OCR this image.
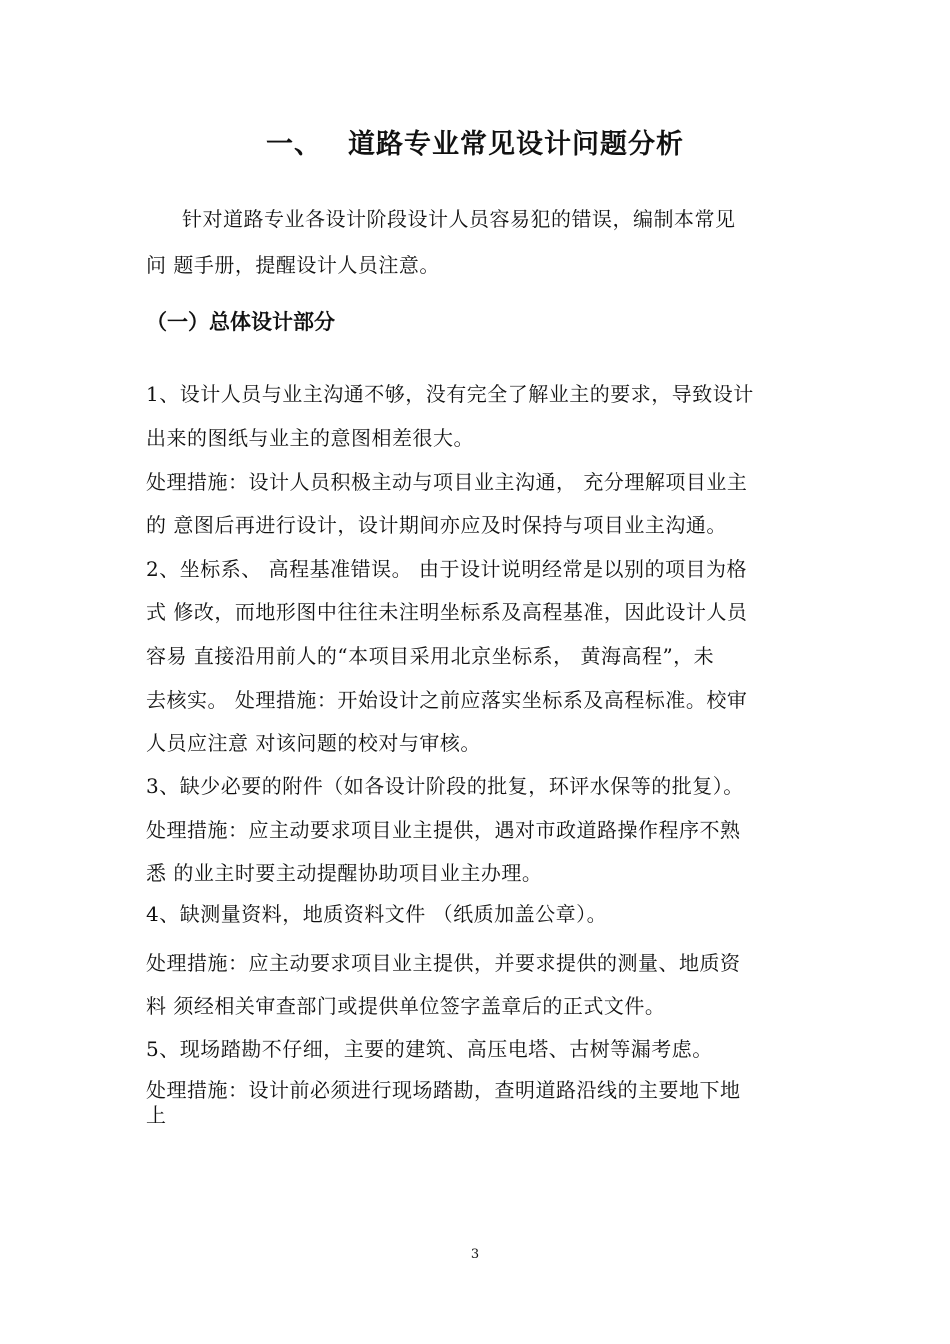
一、 道路专业常见设计问题分析
针对道路专业各设计阶段设计人员容易犯的错误，编制本常见
问 题手册，提醒设计人员注意。
（一）总体设计部分
1、设计人员与业主沟通不够，没有完全了解业主的要求，导致设计
出来的图纸与业主的意图相差很大。
处理措施：设计人员积极主动与项目业主沟通， 充分理解项目业主
的 意图后再进行设计，设计期间亦应及时保持与项目业主沟通。
2、坐标系、 高程基准错误。 由于设计说明经常是以别的项目为格
式 修改，而地形图中往往未注明坐标系及高程基准，因此设计人员
容易 直接沿用前人的“本项目采用北京坐标系， 黄海高程”，未
去核实。 处理措施：开始设计之前应落实坐标系及高程标准。校审
人员应注意 对该问题的校对与审核。
3、缺少必要的附件（如各设计阶段的批复，环评水保等的批复）。
处理措施：应主动要求项目业主提供，遇对市政道路操作程序不熟
悉 的业主时要主动提醒协助项目业主办理。
4、缺测量资料，地质资料文件 （纸质加盖公章）。
处理措施：应主动要求项目业主提供，并要求提供的测量、地质资
料 须经相关审查部门或提供单位签字盖章后的正式文件。
5、现场踏勘不仔细，主要的建筑、高压电塔、古树等漏考虑。
处理措施：设计前必须进行现场踏勘，查明道路沿线的主要地下地
上
3
